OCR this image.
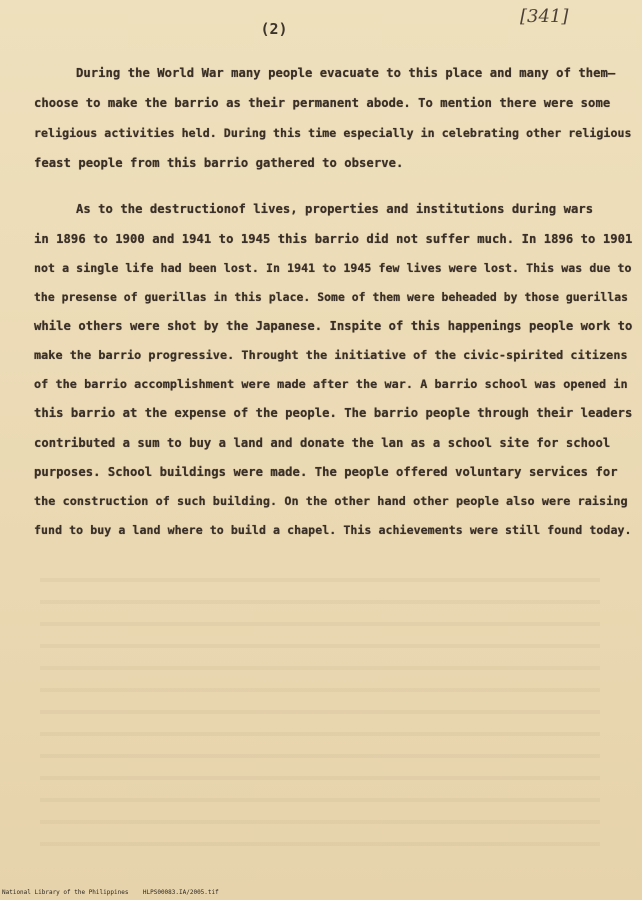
(2)
[341]
During the World War many people evacuate to this place and many of them—
choose to make the barrio as their permanent abode. To mention there were some
religious activities held. During this time especially in celebrating other religious
feast people from this barrio gathered to observe.
As to the destructionof lives, properties and institutions during wars
in 1896 to 1900 and 1941 to 1945 this barrio did not suffer much. In 1896 to 1901
not a single life had been lost. In 1941 to 1945 few lives were lost. This was due to
the presense of guerillas in this place. Some of them were beheaded by those guerillas
while others were shot by the Japanese. Inspite of this happenings people work to
make the barrio progressive. Throught the initiative of the civic-spirited citizens
of the barrio accomplishment were made after the war. A barrio school was opened in
this barrio at the expense of the people. The barrio people through their leaders
contributed a sum to buy a land and donate the lan as a school site for school
purposes. School buildings were made. The people offered voluntary services for
the construction of such building. On the other hand other people also were raising
fund to buy a land where to build a chapel. This achievements were still found today.
National Library of the Philippines    HLPS00083.IA/2005.tif
